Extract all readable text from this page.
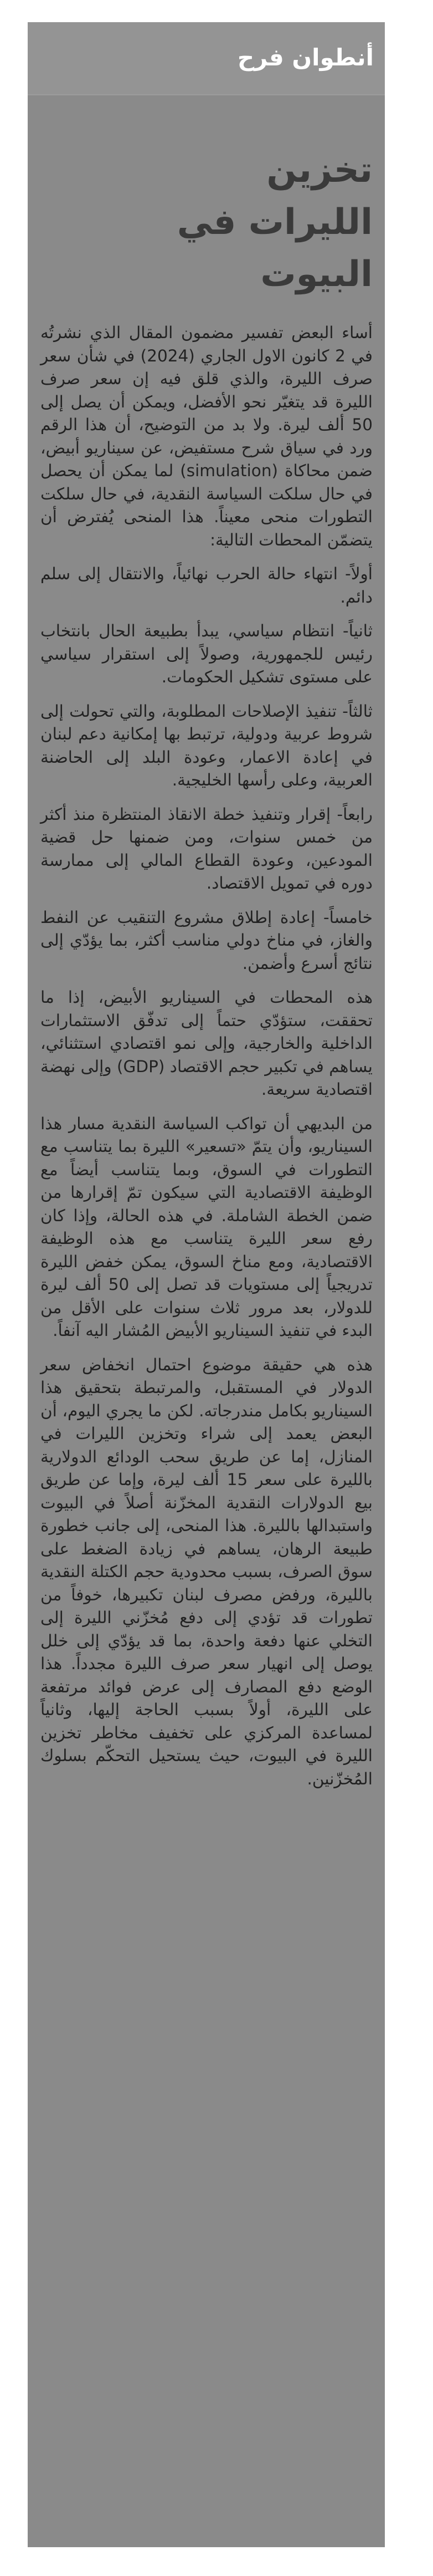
أنطوان فرح
تخزين الليرات في البيوت

أساء البعض تفسير مضمون المقال الذي نشرتُه في 2 كانون الاول الجاري (2024) في شأن سعر صرف الليرة، والذي قلق فيه إن سعر صرف الليرة قد يتغيّر نحو الأفضل، ويمكن أن يصل إلى 50 ألف ليرة. ولا بد من التوضيح، أن هذا الرقم ورد في سياق شرح مستفيض، عن سيناريو أبيض، ضمن محاكاة (simulation) لما يمكن أن يحصل في حال سلكت السياسة النقدية، في حال سلكت التطورات منحى معيناً. هذا المنحى يُفترض أن يتضمّن المحطات التالية:

أولاً- انتهاء حالة الحرب نهائياً، والانتقال إلى سلم دائم.

ثانياً- انتظام سياسي، يبدأ بطبيعة الحال بانتخاب رئيس للجمهورية، وصولاً إلى استقرار سياسي على مستوى تشكيل الحكومات.

ثالثاً- تنفيذ الإصلاحات المطلوبة، والتي تحولت إلى شروط عربية ودولية، ترتبط بها إمكانية دعم لبنان في إعادة الاعمار، وعودة البلد إلى الحاضنة العربية، وعلى رأسها الخليجية.

رابعاً- إقرار وتنفيذ خطة الانقاذ المنتظرة منذ أكثر من خمس سنوات، ومن ضمنها حل قضية المودعين، وعودة القطاع المالي إلى ممارسة دوره في تمويل الاقتصاد.

خامساً- إعادة إطلاق مشروع التنقيب عن النفط والغاز، في مناخ دولي مناسب أكثر، بما يؤدّي إلى نتائج أسرع وأضمن.

هذه المحطات في السيناريو الأبيض، إذا ما تحققت، ستؤدّي حتماً إلى تدفّق الاستثمارات الداخلية والخارجية، وإلى نمو اقتصادي استثنائي، يساهم في تكبير حجم الاقتصاد (GDP) وإلى نهضة اقتصادية سريعة.

من البديهي أن تواكب السياسة النقدية مسار هذا السيناريو، وأن يتمّ «تسعير» الليرة بما يتناسب مع التطورات في السوق، وبما يتناسب أيضاً مع الوظيفة الاقتصادية التي سيكون تمّ إقرارها من ضمن الخطة الشاملة. في هذه الحالة، وإذا كان رفع سعر الليرة يتناسب مع هذه الوظيفة الاقتصادية، ومع مناخ السوق، يمكن خفض الليرة تدريجياً إلى مستويات قد تصل إلى 50 ألف ليرة للدولار، بعد مرور ثلاث سنوات على الأقل من البدء في تنفيذ السيناريو الأبيض المُشار اليه آنفاً.

هذه هي حقيقة موضوع احتمال انخفاض سعر الدولار في المستقبل، والمرتبطة بتحقيق هذا السيناريو بكامل مندرجاته. لكن ما يجري اليوم، أن البعض يعمد إلى شراء وتخزين الليرات في المنازل، إما عن طريق سحب الودائع الدولارية بالليرة على سعر 15 ألف ليرة، وإما عن طريق بيع الدولارات النقدية المخزّنة أصلاً في البيوت واستبدالها بالليرة. هذا المنحى، إلى جانب خطورة طبيعة الرهان، يساهم في زيادة الضغط على سوق الصرف، بسبب محدودية حجم الكتلة النقدية بالليرة، ورفض مصرف لبنان تكبيرها، خوفاً من تطورات قد تؤدي إلى دفع مُخزّني الليرة إلى التخلي عنها دفعة واحدة، بما قد يؤدّي إلى خلل يوصل إلى انهيار سعر صرف الليرة مجدداً. هذا الوضع دفع المصارف إلى عرض فوائد مرتفعة على الليرة، أولاً بسبب الحاجة إليها، وثانياً لمساعدة المركزي على تخفيف مخاطر تخزين الليرة في البيوت، حيث يستحيل التحكّم بسلوك المُخزّنين.
